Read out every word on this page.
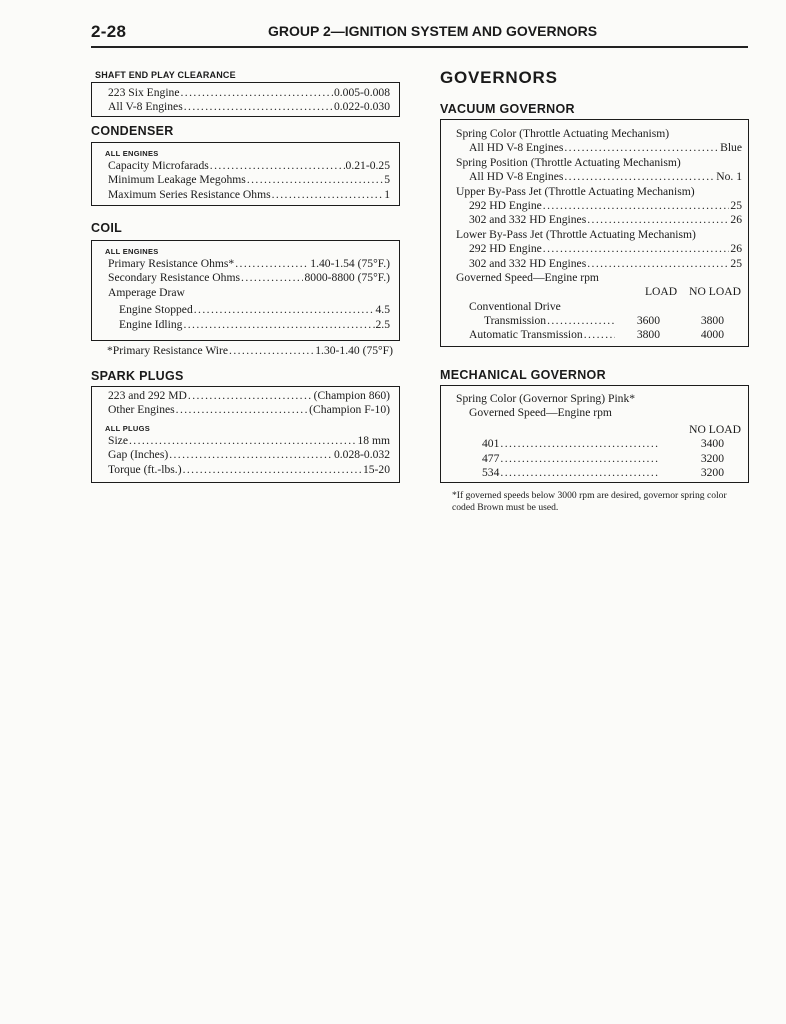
2-28	GROUP 2—IGNITION SYSTEM AND GOVERNORS
SHAFT END PLAY CLEARANCE
223 Six Engine .....	0.005-0.008
All V-8 Engines .....	0.022-0.030
CONDENSER
ALL ENGINES
Capacity Microfarads .....	0.21-0.25
Minimum Leakage Megohms .....	5
Maximum Series Resistance Ohms .....	1
COIL
ALL ENGINES
Primary Resistance Ohms* .....	1.40-1.54 (75°F.)
Secondary Resistance Ohms .....	8000-8800 (75°F.)
Amperage Draw
Engine Stopped .....	4.5
Engine Idling .....	2.5
*Primary Resistance Wire .....	1.30-1.40 (75°F)
SPARK PLUGS
223 and 292 MD .....	(Champion 860)
Other Engines .....	(Champion F-10)
ALL PLUGS
Size .....	18 mm
Gap (Inches) .....	0.028-0.032
Torque (ft.-lbs.) .....	15-20
GOVERNORS
VACUUM GOVERNOR
Spring Color (Throttle Actuating Mechanism)
All HD V-8 Engines .....	Blue
Spring Position (Throttle Actuating Mechanism)
All HD V-8 Engines .....	No. 1
Upper By-Pass Jet (Throttle Actuating Mechanism)
292 HD Engine .....	25
302 and 332 HD Engines .....	26
Lower By-Pass Jet (Throttle Actuating Mechanism)
292 HD Engine .....	26
302 and 332 HD Engines .....	25
Governed Speed—Engine rpm
LOAD NO LOAD
Conventional Drive
Transmission .....	3600	3800
Automatic Transmission .....	3800	4000
MECHANICAL GOVERNOR
Spring Color (Governor Spring) Pink*
Governed Speed—Engine rpm
NO LOAD
401 .....	3400
477 .....	3200
534 .....	3200
*If governed speeds below 3000 rpm are desired, governor spring color coded Brown must be used.
